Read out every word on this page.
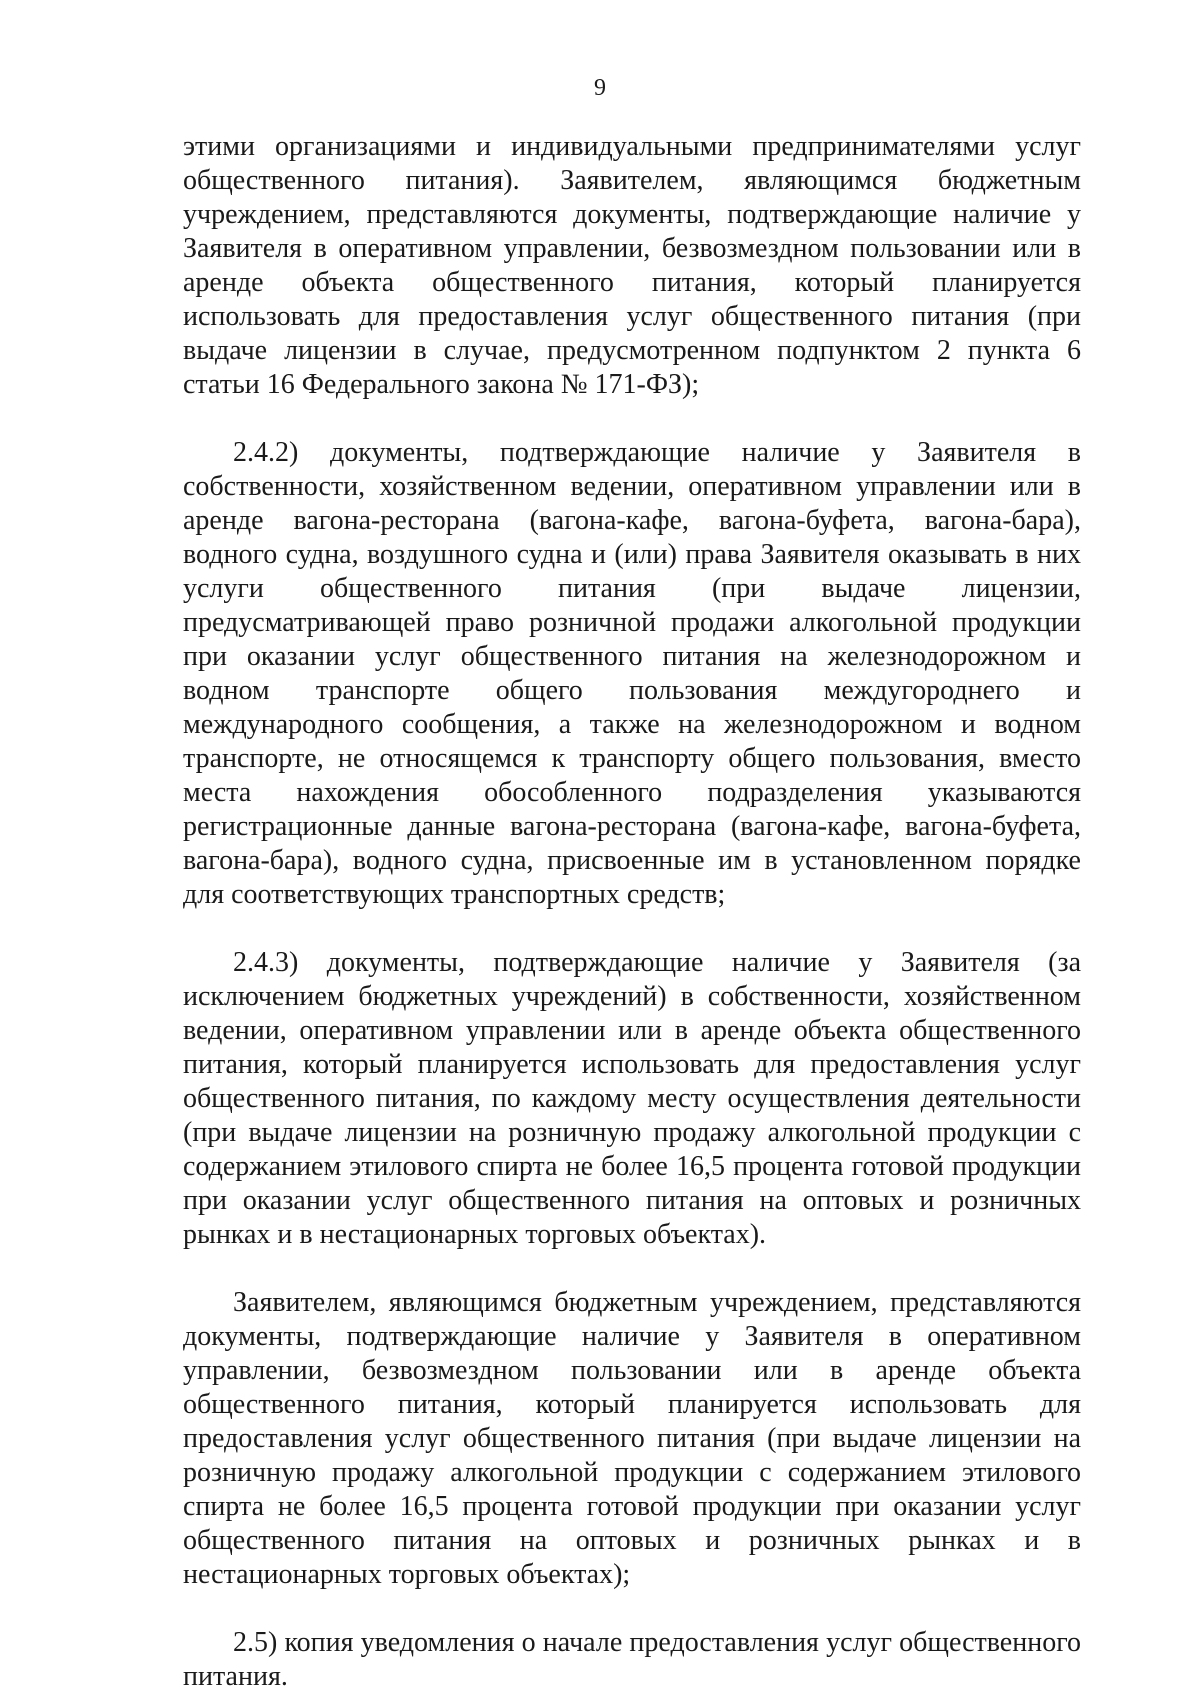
9

этими организациями и индивидуальными предпринимателями услуг общественного питания). Заявителем, являющимся бюджетным учреждением, представляются документы, подтверждающие наличие у Заявителя в оперативном управлении, безвозмездном пользовании или в аренде объекта общественного питания, который планируется использовать для предоставления услуг общественного питания (при выдаче лицензии в случае, предусмотренном подпунктом 2 пункта 6 статьи 16 Федерального закона № 171-ФЗ);

2.4.2) документы, подтверждающие наличие у Заявителя в собственности, хозяйственном ведении, оперативном управлении или в аренде вагона-ресторана (вагона-кафе, вагона-буфета, вагона-бара), водного судна, воздушного судна и (или) права Заявителя оказывать в них услуги общественного питания (при выдаче лицензии, предусматривающей право розничной продажи алкогольной продукции при оказании услуг общественного питания на железнодорожном и водном транспорте общего пользования междугороднего и международного сообщения, а также на железнодорожном и водном транспорте, не относящемся к транспорту общего пользования, вместо места нахождения обособленного подразделения указываются регистрационные данные вагона-ресторана (вагона-кафе, вагона-буфета, вагона-бара), водного судна, присвоенные им в установленном порядке для соответствующих транспортных средств;

2.4.3) документы, подтверждающие наличие у Заявителя (за исключением бюджетных учреждений) в собственности, хозяйственном ведении, оперативном управлении или в аренде объекта общественного питания, который планируется использовать для предоставления услуг общественного питания, по каждому месту осуществления деятельности (при выдаче лицензии на розничную продажу алкогольной продукции с содержанием этилового спирта не более 16,5 процента готовой продукции при оказании услуг общественного питания на оптовых и розничных рынках и в нестационарных торговых объектах).

Заявителем, являющимся бюджетным учреждением, представляются документы, подтверждающие наличие у Заявителя в оперативном управлении, безвозмездном пользовании или в аренде объекта общественного питания, который планируется использовать для предоставления услуг общественного питания (при выдаче лицензии на розничную продажу алкогольной продукции с содержанием этилового спирта не более 16,5 процента готовой продукции при оказании услуг общественного питания на оптовых и розничных рынках и в нестационарных торговых объектах);

2.5) копия уведомления о начале предоставления услуг общественного питания.
